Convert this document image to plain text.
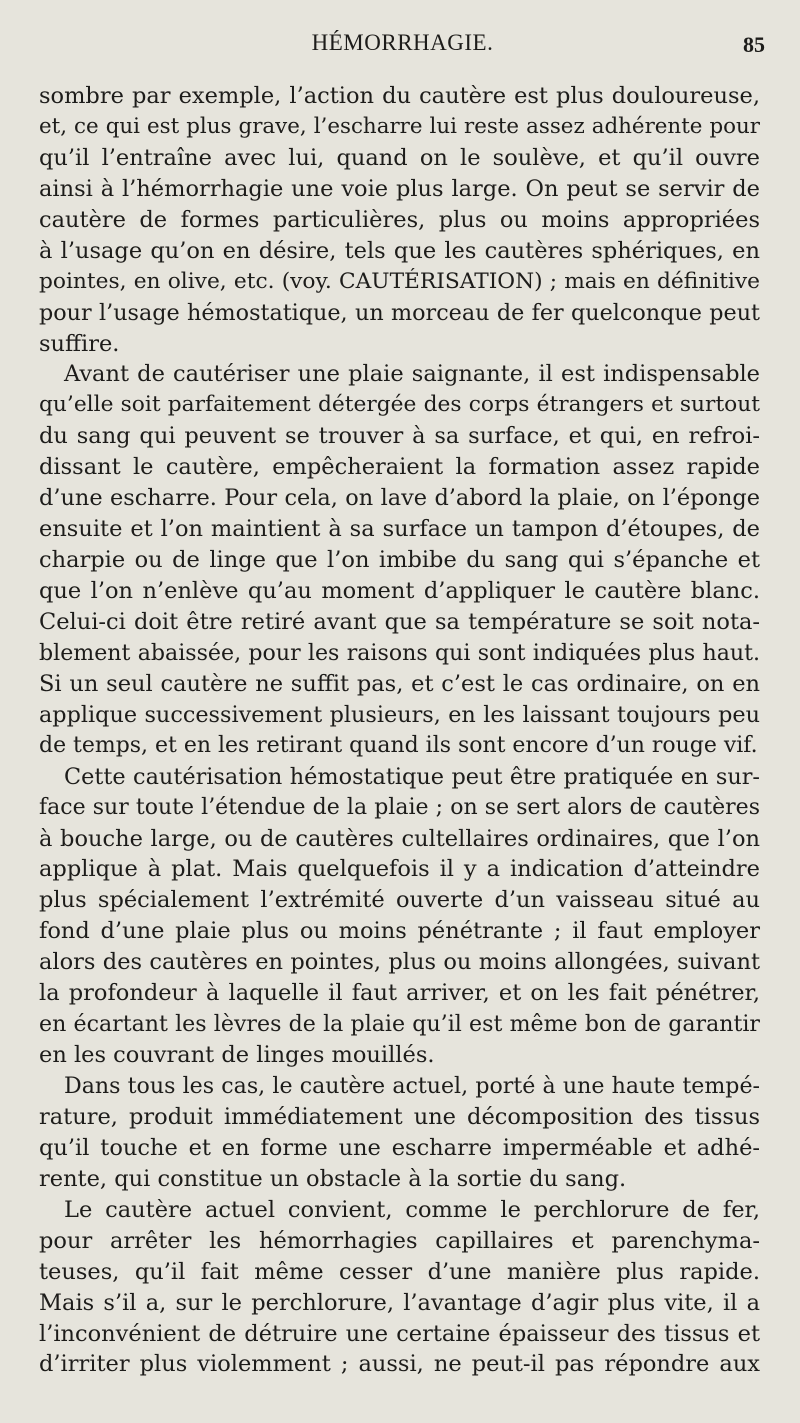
HÉMORRHAGIE.	85
sombre par exemple, l’action du cautère est plus douloureuse,
et, ce qui est plus grave, l’escharre lui reste assez adhérente pour
qu’il l’entraîne avec lui, quand on le soulève, et qu’il ouvre
ainsi à l’hémorrhagie une voie plus large. On peut se servir de
cautère de formes particulières, plus ou moins appropriées
à l’usage qu’on en désire, tels que les cautères sphériques, en
pointes, en olive, etc. (voy. CAUTÉRISATION) ; mais en définitive
pour l’usage hémostatique, un morceau de fer quelconque peut
suffire.
Avant de cautériser une plaie saignante, il est indispensable
qu’elle soit parfaitement détergée des corps étrangers et surtout
du sang qui peuvent se trouver à sa surface, et qui, en refroi-
dissant le cautère, empêcheraient la formation assez rapide
d’une escharre. Pour cela, on lave d’abord la plaie, on l’éponge
ensuite et l’on maintient à sa surface un tampon d’étoupes, de
charpie ou de linge que l’on imbibe du sang qui s’épanche et
que l’on n’enlève qu’au moment d’appliquer le cautère blanc.
Celui-ci doit être retiré avant que sa température se soit nota-
blement abaissée, pour les raisons qui sont indiquées plus haut.
Si un seul cautère ne suffit pas, et c’est le cas ordinaire, on en
applique successivement plusieurs, en les laissant toujours peu
de temps, et en les retirant quand ils sont encore d’un rouge vif.
Cette cautérisation hémostatique peut être pratiquée en sur-
face sur toute l’étendue de la plaie ; on se sert alors de cautères
à bouche large, ou de cautères cultellaires ordinaires, que l’on
applique à plat. Mais quelquefois il y a indication d’atteindre
plus spécialement l’extrémité ouverte d’un vaisseau situé au
fond d’une plaie plus ou moins pénétrante ; il faut employer
alors des cautères en pointes, plus ou moins allongées, suivant
la profondeur à laquelle il faut arriver, et on les fait pénétrer,
en écartant les lèvres de la plaie qu’il est même bon de garantir
en les couvrant de linges mouillés.
Dans tous les cas, le cautère actuel, porté à une haute tempé-
rature, produit immédiatement une décomposition des tissus
qu’il touche et en forme une escharre imperméable et adhé-
rente, qui constitue un obstacle à la sortie du sang.
Le cautère actuel convient, comme le perchlorure de fer,
pour arrêter les hémorrhagies capillaires et parenchyma-
teuses, qu’il fait même cesser d’une manière plus rapide.
Mais s’il a, sur le perchlorure, l’avantage d’agir plus vite, il a
l’inconvénient de détruire une certaine épaisseur des tissus et
d’irriter plus violemment ; aussi, ne peut-il pas répondre aux
